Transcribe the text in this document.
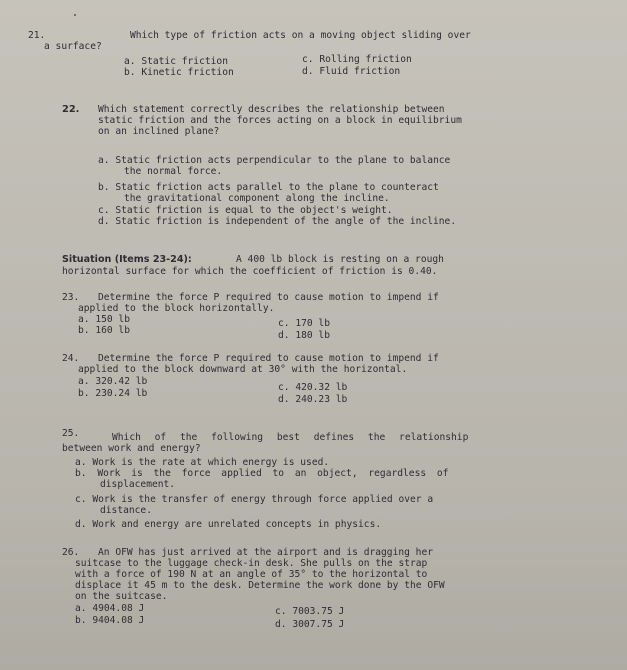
21.	Which type of friction acts on a moving object sliding over
a surface?
a. Static friction
b. Kinetic friction
c. Rolling friction
d. Fluid friction
22. Which statement correctly describes the relationship between
static friction and the forces acting on a block in equilibrium
on an inclined plane?
a. Static friction acts perpendicular to the plane to balance
the normal force.
b. Static friction acts parallel to the plane to counteract
the gravitational component along the incline.
c. Static friction is equal to the object's weight.
d. Static friction is independent of the angle of the incline.
Situation (Items 23-24):	A 400 lb block is resting on a rough
horizontal surface for which the coefficient of friction is 0.40.
23. Determine the force P required to cause motion to impend if
applied to the block horizontally.
a. 150 lb
b. 160 lb
c. 170 lb
d. 180 lb
24. Determine the force P required to cause motion to impend if
applied to the block downward at 30° with the horizontal.
a. 320.42 lb
b. 230.24 lb
c. 420.32 lb
d. 240.23 lb
25.	Which of the following best defines the relationship
between work and energy?
a. Work is the rate at which energy is used.
b. Work is the force applied to an object, regardless of
displacement.
c. Work is the transfer of energy through force applied over a
distance.
d. Work and energy are unrelated concepts in physics.
26. An OFW has just arrived at the airport and is dragging her
suitcase to the luggage check-in desk. She pulls on the strap
with a force of 190 N at an angle of 35° to the horizontal to
displace it 45 m to the desk. Determine the work done by the OFW
on the suitcase.
a. 4904.08 J
b. 9404.08 J
c. 7003.75 J
d. 3007.75 J
